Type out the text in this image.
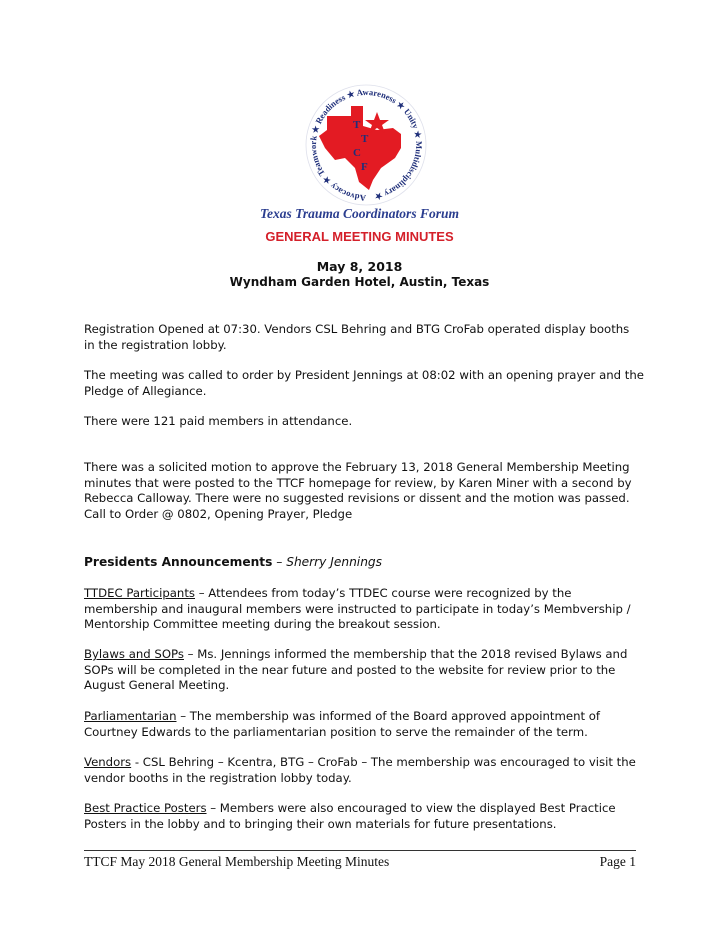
T
T
C
F
Advocacy ★ Teamwork ★ Readiness ★ Awareness ★ Unity ★ Multidisciplinary ★
Texas Trauma Coordinators Forum
GENERAL MEETING MINUTES
May 8, 2018
Wyndham Garden Hotel, Austin, Texas

Registration Opened at 07:30. Vendors CSL Behring and BTG CroFab operated display booths

in the registration lobby.

The meeting was called to order by President Jennings at 08:02 with an opening prayer and the

Pledge of Allegiance.

There were 121 paid members in attendance.

There was a solicited motion to approve the February 13, 2018 General Membership Meeting

minutes that were posted to the TTCF homepage for review, by Karen Miner with a second by

Rebecca Calloway. There were no suggested revisions or dissent and the motion was passed.

Call to Order @ 0802, Opening Prayer, Pledge

Presidents Announcements – Sherry Jennings

TTDEC Participants – Attendees from today’s TTDEC course were recognized by the

membership and inaugural members were instructed to participate in today’s Membvership /

Mentorship Committee meeting during the breakout session.

Bylaws and SOPs – Ms. Jennings informed the membership that the 2018 revised Bylaws and

SOPs will be completed in the near future and posted to the website for review prior to the

August General Meeting.

Parliamentarian – The membership was informed of the Board approved appointment of

Courtney Edwards to the parliamentarian position to serve the remainder of the term.

Vendors - CSL Behring – Kcentra, BTG – CroFab – The membership was encouraged to visit the

vendor booths in the registration lobby today.

Best Practice Posters – Members were also encouraged to view the displayed Best Practice

Posters in the lobby and to bringing their own materials for future presentations.

TTCF May 2018 General Membership Meeting Minutes	Page 1
